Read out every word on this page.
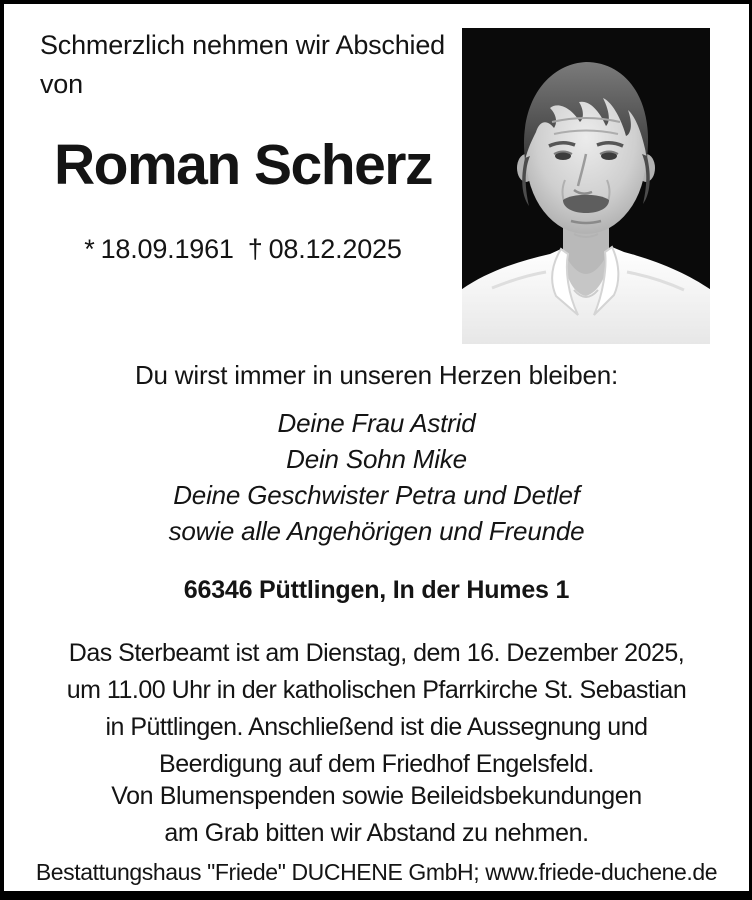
Schmerzlich nehmen wir Abschied
von
Roman Scherz
* 18.09.1961 † 08.12.2025
Du wirst immer in unseren Herzen bleiben:
Deine Frau Astrid
Dein Sohn Mike
Deine Geschwister Petra und Detlef
sowie alle Angehörigen und Freunde
66346 Püttlingen, In der Humes 1
Das Sterbeamt ist am Dienstag, dem 16. Dezember 2025,
um 11.00 Uhr in der katholischen Pfarrkirche St. Sebastian
in Püttlingen. Anschließend ist die Aussegnung und
Beerdigung auf dem Friedhof Engelsfeld.
Von Blumenspenden sowie Beileidsbekundungen
am Grab bitten wir Abstand zu nehmen.
Bestattungshaus "Friede" DUCHENE GmbH; www.friede-duchene.de
